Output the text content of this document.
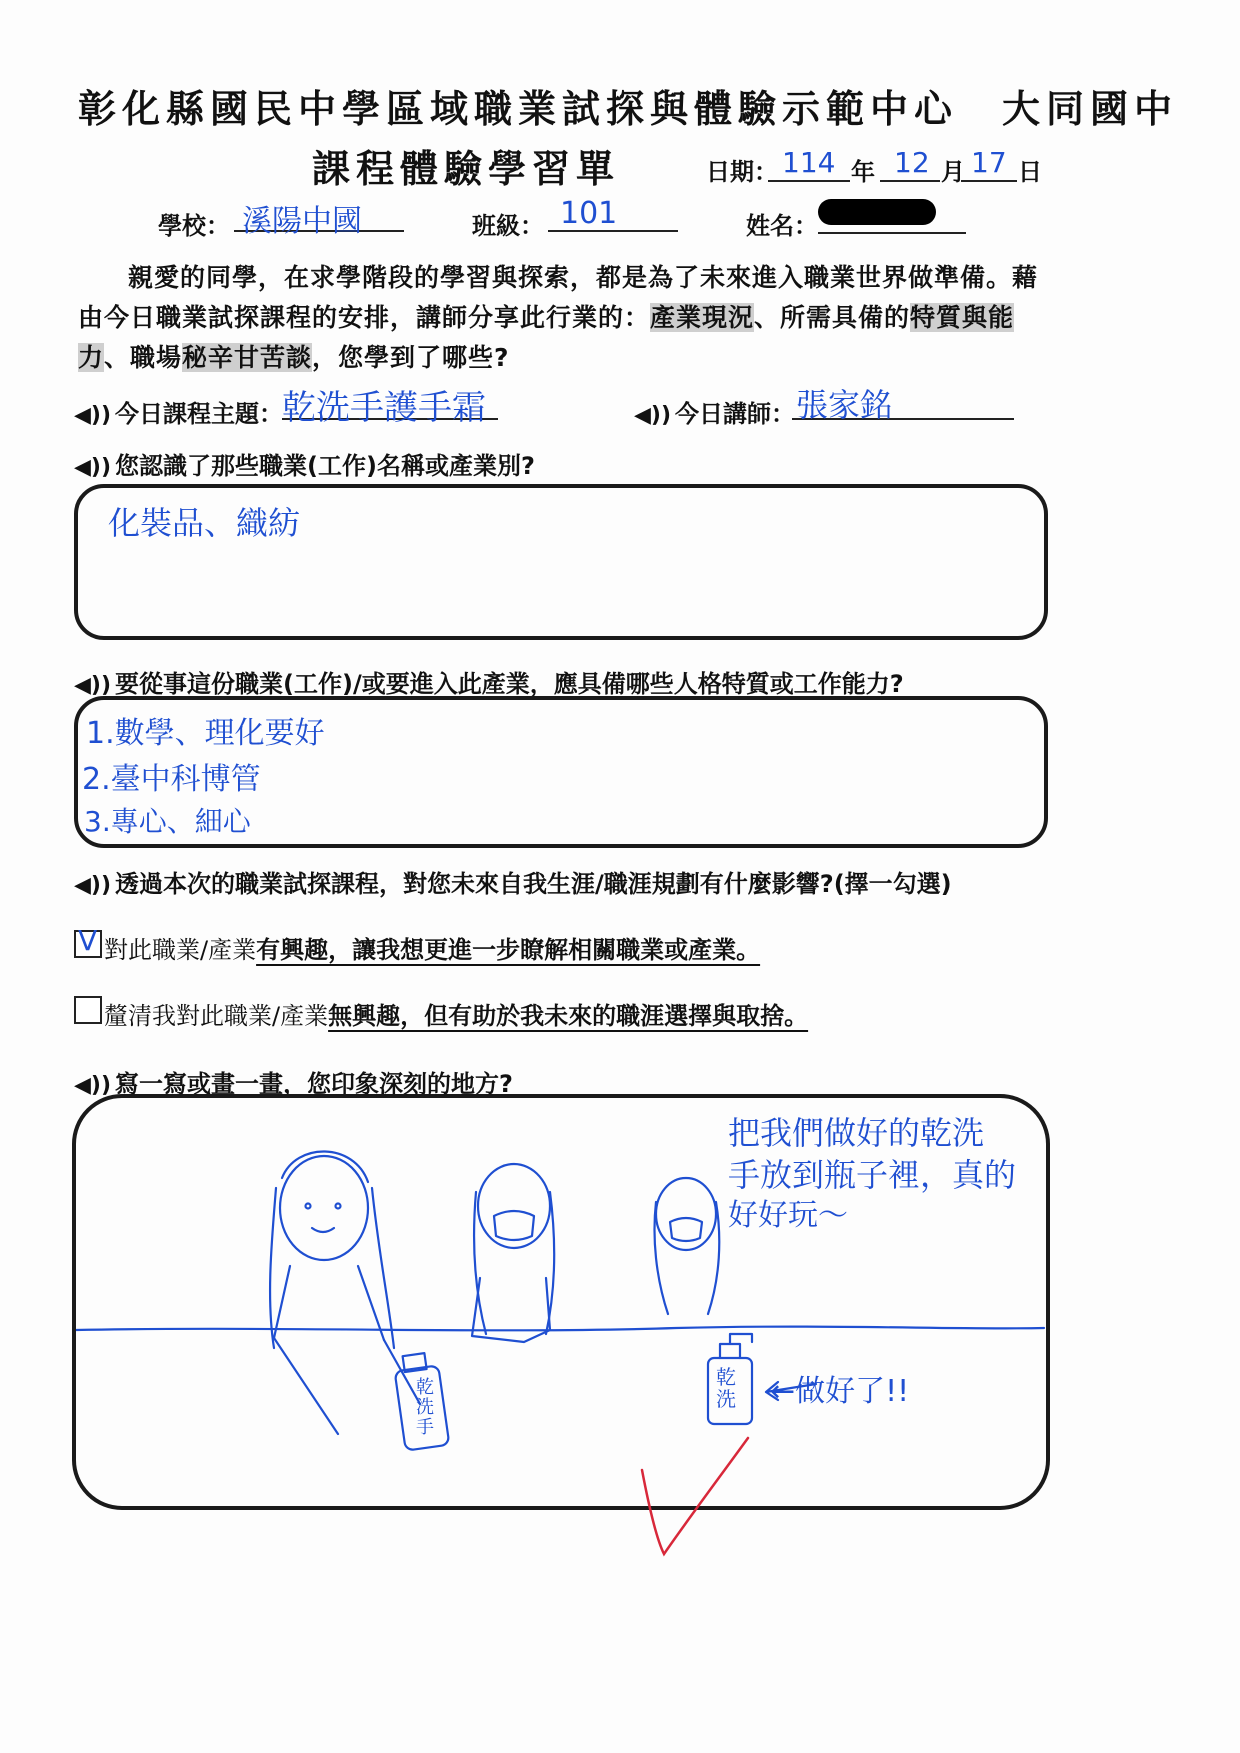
彰化縣國民中學區域職業試探與體驗示範中心　大同國中
課程體驗學習單	日期： 114 年 12 月 17 日
學校： 溪陽中國	班級： 101	姓名：
親愛的同學，在求學階段的學習與探索，都是為了未來進入職業世界做準備。藉由今日職業試探課程的安排，講師分享此行業的：產業現況、所需具備的特質與能力、職場秘辛甘苦談，您學到了哪些?
◀)) 今日課程主題：
乾洗手護手霜	◀)) 今日講師： 張家銘
◀)) 您認識了那些職業(工作)名稱或產業別?
化裝品、織紡
◀)) 要從事這份職業(工作)/或要進入此產業，應具備哪些人格特質或工作能力?
1.數學、理化要好
2.臺中科博管
3.專心、細心
◀)) 透過本次的職業試探課程，對您未來自我生涯/職涯規劃有什麼影響?(擇一勾選)
V 對此職業/產業有興趣，讓我想更進一步瞭解相關職業或產業。
釐清我對此職業/產業無興趣，但有助於我未來的職涯選擇與取捨。
◀)) 寫一寫或畫一畫，您印象深刻的地方?
把我們做好的乾洗
手放到瓶子裡，真的
好好玩～
乾洗手
乾洗 ←做好了!!
